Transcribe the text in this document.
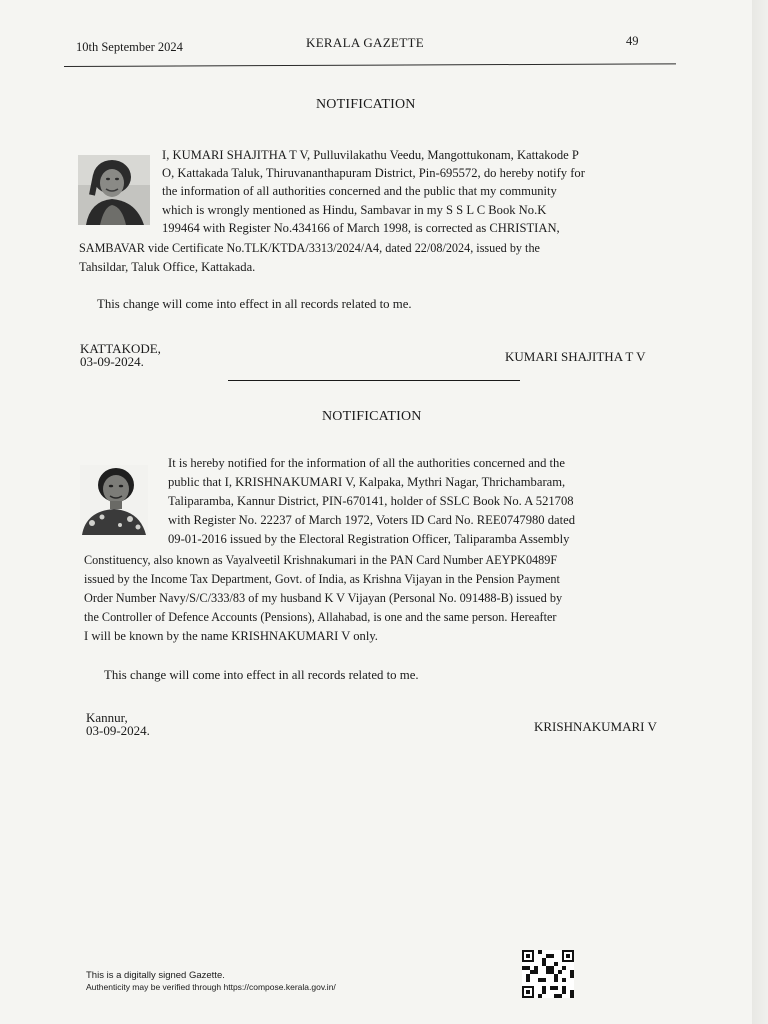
10th September 2024	KERALA GAZETTE	49
NOTIFICATION
I, KUMARI SHAJITHA T V, Pulluvilakathu Veedu, Mangottukonam, Kattakode P
O, Kattakada Taluk, Thiruvananthapuram District, Pin-695572, do hereby notify for
the information of all authorities concerned and the public that my community
which is wrongly mentioned as Hindu, Sambavar in my S S L C Book No.K
199464 with Register No.434166 of March 1998, is corrected as CHRISTIAN,
SAMBAVAR vide Certificate No.TLK/KTDA/3313/2024/A4, dated 22/08/2024, issued by the
Tahsildar, Taluk Office, Kattakada.
This change will come into effect in all records related to me.
KATTAKODE,
03-09-2024.	KUMARI SHAJITHA T V
NOTIFICATION
It is hereby notified for the information of all the authorities concerned and the
public that I, KRISHNAKUMARI V, Kalpaka, Mythri Nagar, Thrichambaram,
Taliparamba, Kannur District, PIN-670141, holder of SSLC Book No. A 521708
with Register No. 22237 of March 1972, Voters ID Card No. REE0747980 dated
09-01-2016 issued by the Electoral Registration Officer, Taliparamba Assembly
Constituency, also known as Vayalveetil Krishnakumari in the PAN Card Number AEYPK0489F
issued by the Income Tax Department, Govt. of India, as Krishna Vijayan in the Pension Payment
Order Number Navy/S/C/333/83 of my husband K V Vijayan (Personal No. 091488-B) issued by
the Controller of Defence Accounts (Pensions), Allahabad, is one and the same person. Hereafter
I will be known by the name KRISHNAKUMARI V only.
This change will come into effect in all records related to me.
Kannur,
03-09-2024.	KRISHNAKUMARI V
This is a digitally signed Gazette.
Authenticity may be verified through https://compose.kerala.gov.in/
